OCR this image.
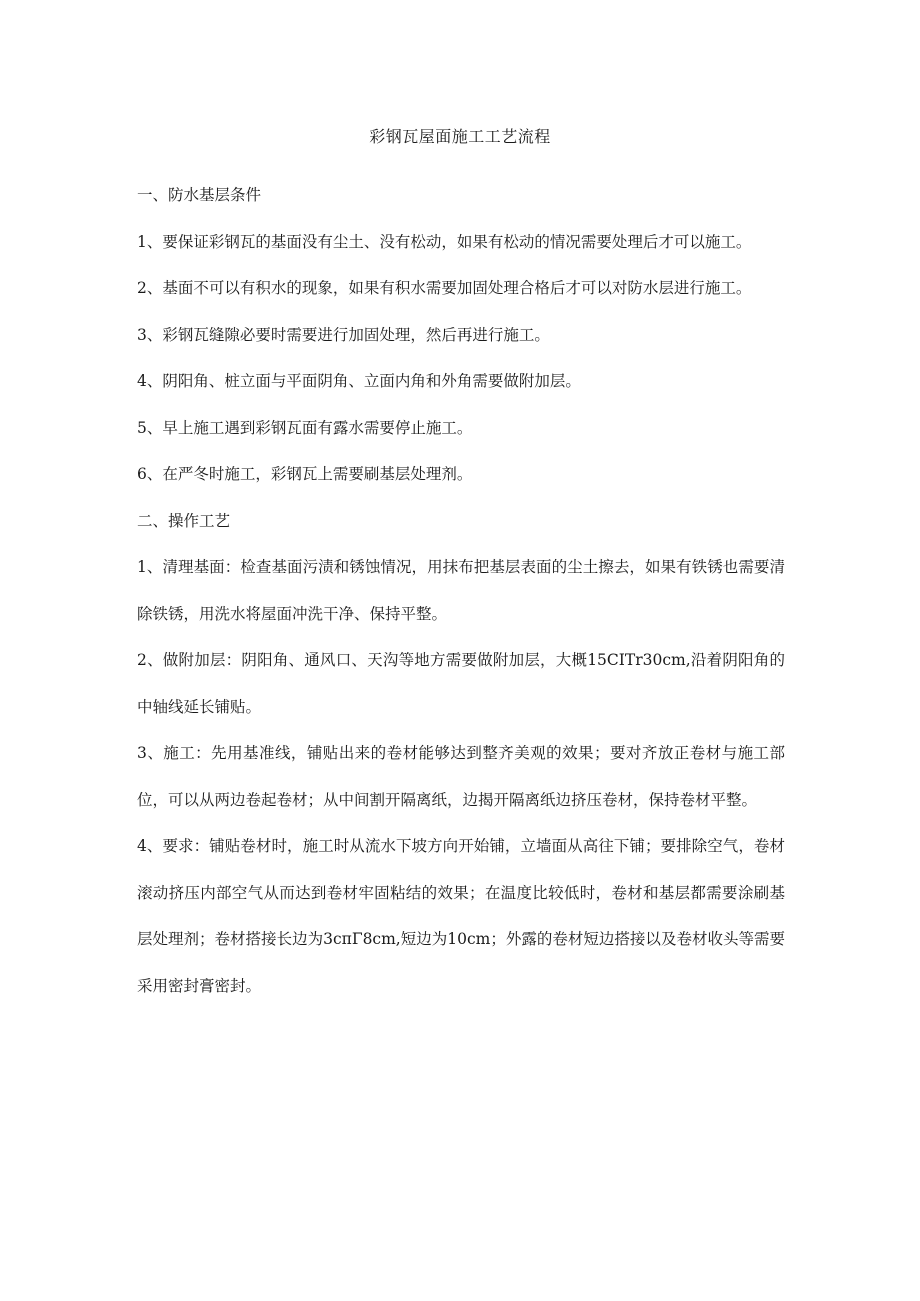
彩钢瓦屋面施工工艺流程

一、防水基层条件

1、要保证彩钢瓦的基面没有尘土、没有松动，如果有松动的情况需要处理后才可以施工。

2、基面不可以有积水的现象，如果有积水需要加固处理合格后才可以对防水层进行施工。

3、彩钢瓦缝隙必要时需要进行加固处理，然后再进行施工。

4、阴阳角、桩立面与平面阴角、立面内角和外角需要做附加层。

5、早上施工遇到彩钢瓦面有露水需要停止施工。

6、在严冬时施工，彩钢瓦上需要刷基层处理剂。

二、操作工艺

1、清理基面：检查基面污渍和锈蚀情况，用抹布把基层表面的尘土擦去，如果有铁锈也需要清除铁锈，用洗水将屋面冲洗干净、保持平整。

2、做附加层：阴阳角、通风口、天沟等地方需要做附加层，大概15CITr30cm,沿着阴阳角的中轴线延长铺贴。

3、施工：先用基准线，铺贴出来的卷材能够达到整齐美观的效果；要对齐放正卷材与施工部位，可以从两边卷起卷材；从中间割开隔离纸，边揭开隔离纸边挤压卷材，保持卷材平整。

4、要求：铺贴卷材时，施工时从流水下坡方向开始铺，立墙面从高往下铺；要排除空气，卷材滚动挤压内部空气从而达到卷材牢固粘结的效果；在温度比较低时，卷材和基层都需要涂刷基层处理剂；卷材搭接长边为3cπΓ8cm,短边为10cm；外露的卷材短边搭接以及卷材收头等需要采用密封膏密封。
